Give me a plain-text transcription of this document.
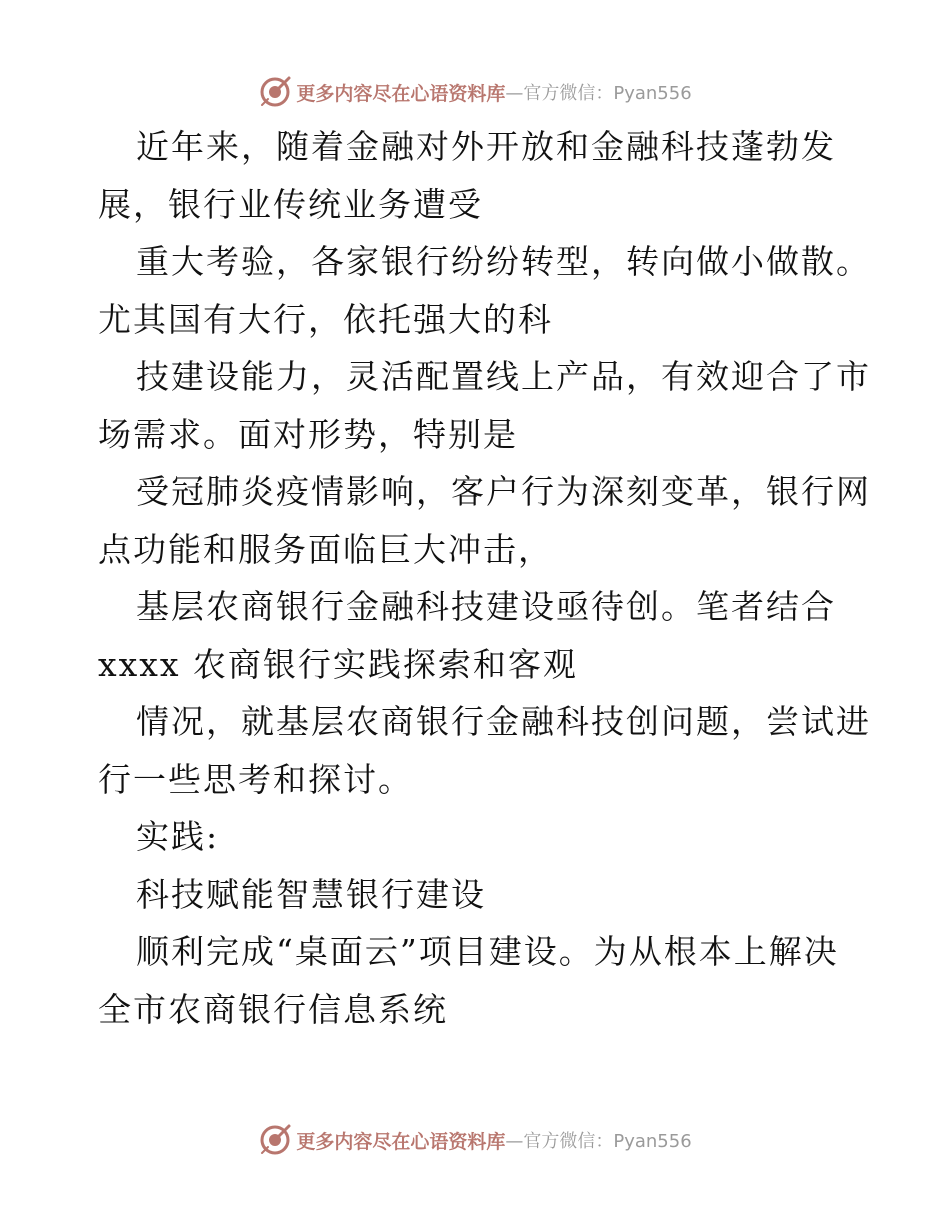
更多内容尽在心语资料库 —官方微信：Pyan556
近年来，随着金融对外开放和金融科技蓬勃发
展，银行业传统业务遭受
重大考验，各家银行纷纷转型，转向做小做散。
尤其国有大行，依托强大的科
技建设能力，灵活配置线上产品，有效迎合了市
场需求。面对形势，特别是
受冠肺炎疫情影响，客户行为深刻变革，银行网
点功能和服务面临巨大冲击，
基层农商银行金融科技建设亟待创。笔者结合
xxxx 农商银行实践探索和客观
情况，就基层农商银行金融科技创问题，尝试进
行一些思考和探讨。
实践:
科技赋能智慧银行建设
顺利完成“桌面云”项目建设。为从根本上解决
全市农商银行信息系统
更多内容尽在心语资料库 —官方微信：Pyan556
